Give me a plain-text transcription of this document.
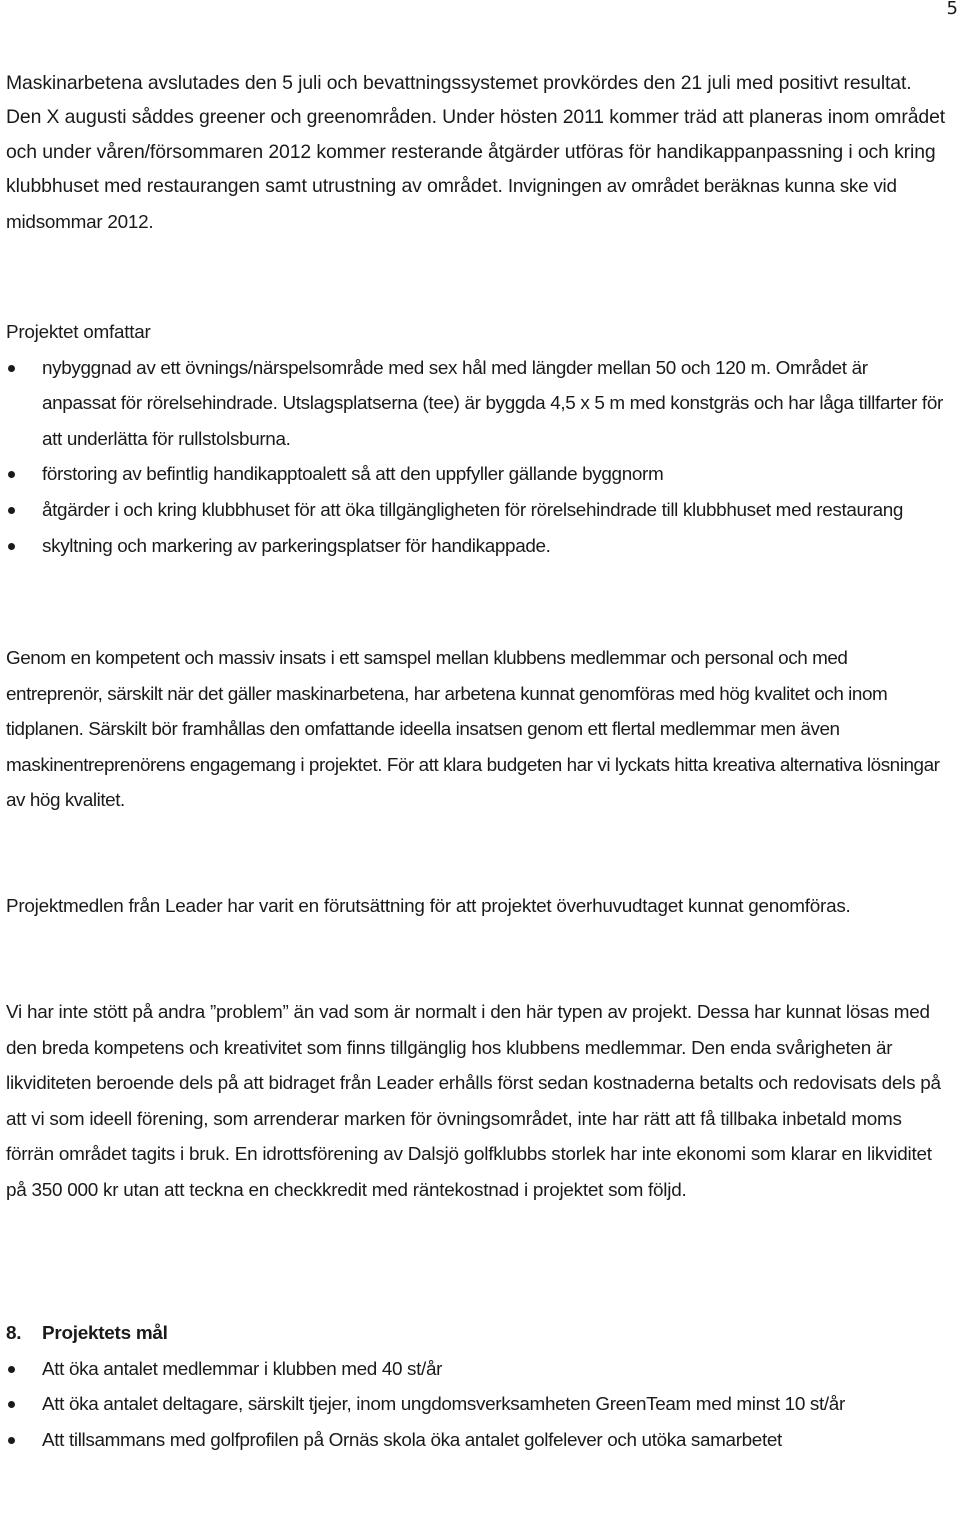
5

Maskinarbetena avslutades den 5 juli och bevattningssystemet provkördes den 21 juli med positivt resultat. Den X augusti såddes greener och greenområden. Under hösten 2011 kommer träd att planeras inom området och under våren/försommaren 2012 kommer resterande åtgärder utföras för handikappanpassning i och kring klubbhuset med restaurangen samt utrustning av området. Invigningen av området beräknas kunna ske vid midsommar 2012.

Projektet omfattar
nybyggnad av ett övnings/närspelsområde med sex hål med längder mellan 50 och 120 m. Området är anpassat för rörelsehindrade. Utslagsplatserna (tee) är byggda 4,5 x 5 m med konstgräs och har låga tillfarter för att underlätta för rullstolsburna.
förstoring av befintlig handikapptoalett så att den uppfyller gällande byggnorm
åtgärder i och kring klubbhuset för att öka tillgängligheten för rörelsehindrade till klubbhuset med restaurang
skyltning och markering av parkeringsplatser för handikappade.

Genom en kompetent och massiv insats i ett samspel mellan klubbens medlemmar och personal och med entreprenör, särskilt när det gäller maskinarbetena, har arbetena kunnat genomföras med hög kvalitet och inom tidplanen. Särskilt bör framhållas den omfattande ideella insatsen genom ett flertal medlemmar men även maskinentreprenörens engagemang i projektet. För att klara budgeten har vi lyckats hitta kreativa alternativa lösningar av hög kvalitet.

Projektmedlen från Leader har varit en förutsättning för att projektet överhuvudtaget kunnat genomföras.

Vi har inte stött på andra ”problem” än vad som är normalt i den här typen av projekt. Dessa har kunnat lösas med den breda kompetens och kreativitet som finns tillgänglig hos klubbens medlemmar. Den enda svårigheten är likviditeten beroende dels på att bidraget från Leader erhålls först sedan kostnaderna betalts och redovisats dels på att vi som ideell förening, som arrenderar marken för övningsområdet, inte har rätt att få tillbaka inbetald moms förrän området tagits i bruk. En idrottsförening av Dalsjö golfklubbs storlek har inte ekonomi som klarar en likviditet på 350 000 kr utan att teckna en checkkredit med räntekostnad i projektet som följd.

8. Projektets mål
Att öka antalet medlemmar i klubben med 40 st/år
Att öka antalet deltagare, särskilt tjejer, inom ungdomsverksamheten GreenTeam med minst 10 st/år
Att tillsammans med golfprofilen på Ornäs skola öka antalet golfelever och utöka samarbetet
